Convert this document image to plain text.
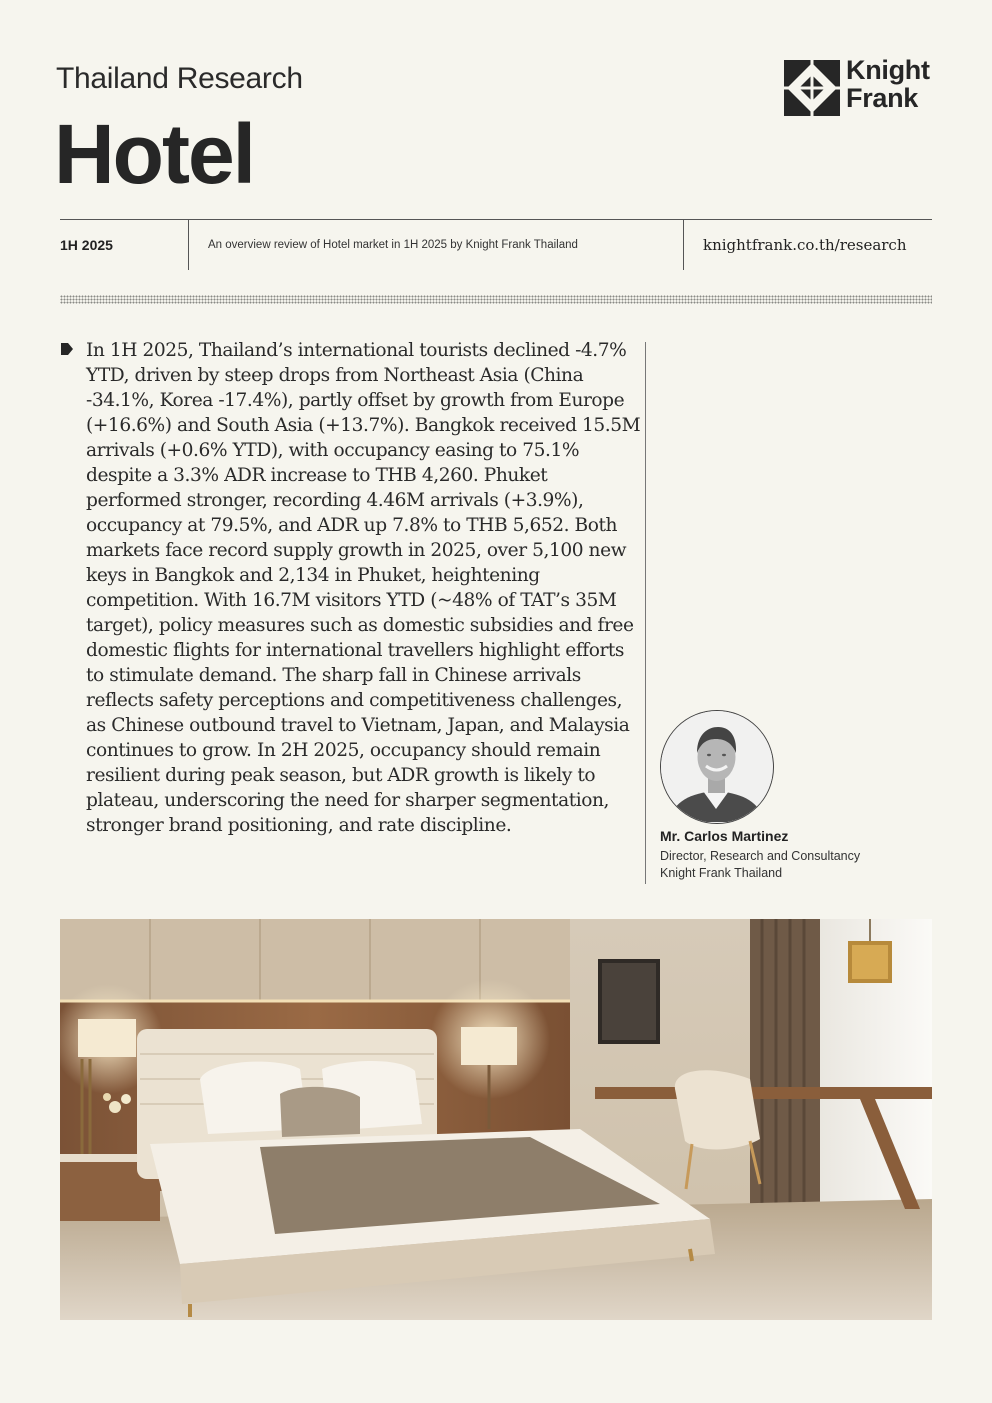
Thailand Research
Hotel
Knight
Frank
1H 2025	An overview review of Hotel market in 1H 2025 by Knight Frank Thailand	knightfrank.co.th/research

In 1H 2025, Thailand’s international tourists declined -4.7% YTD, driven by steep drops from Northeast Asia (China -34.1%, Korea -17.4%), partly offset by growth from Europe (+16.6%) and South Asia (+13.7%). Bangkok received 15.5M arrivals (+0.6% YTD), with occupancy easing to 75.1% despite a 3.3% ADR increase to THB 4,260. Phuket performed stronger, recording 4.46M arrivals (+3.9%), occupancy at 79.5%, and ADR up 7.8% to THB 5,652. Both markets face record supply growth in 2025, over 5,100 new keys in Bangkok and 2,134 in Phuket, heightening competition. With 16.7M visitors YTD (~48% of TAT’s 35M target), policy measures such as domestic subsidies and free domestic flights for international travellers highlight efforts to stimulate demand. The sharp fall in Chinese arrivals reflects safety perceptions and competitiveness challenges, as Chinese outbound travel to Vietnam, Japan, and Malaysia continues to grow. In 2H 2025, occupancy should remain resilient during peak season, but ADR growth is likely to plateau, underscoring the need for sharper segmentation, stronger brand positioning, and rate discipline.	Mr. Carlos Martinez
Director, Research and Consultancy
Knight Frank Thailand
